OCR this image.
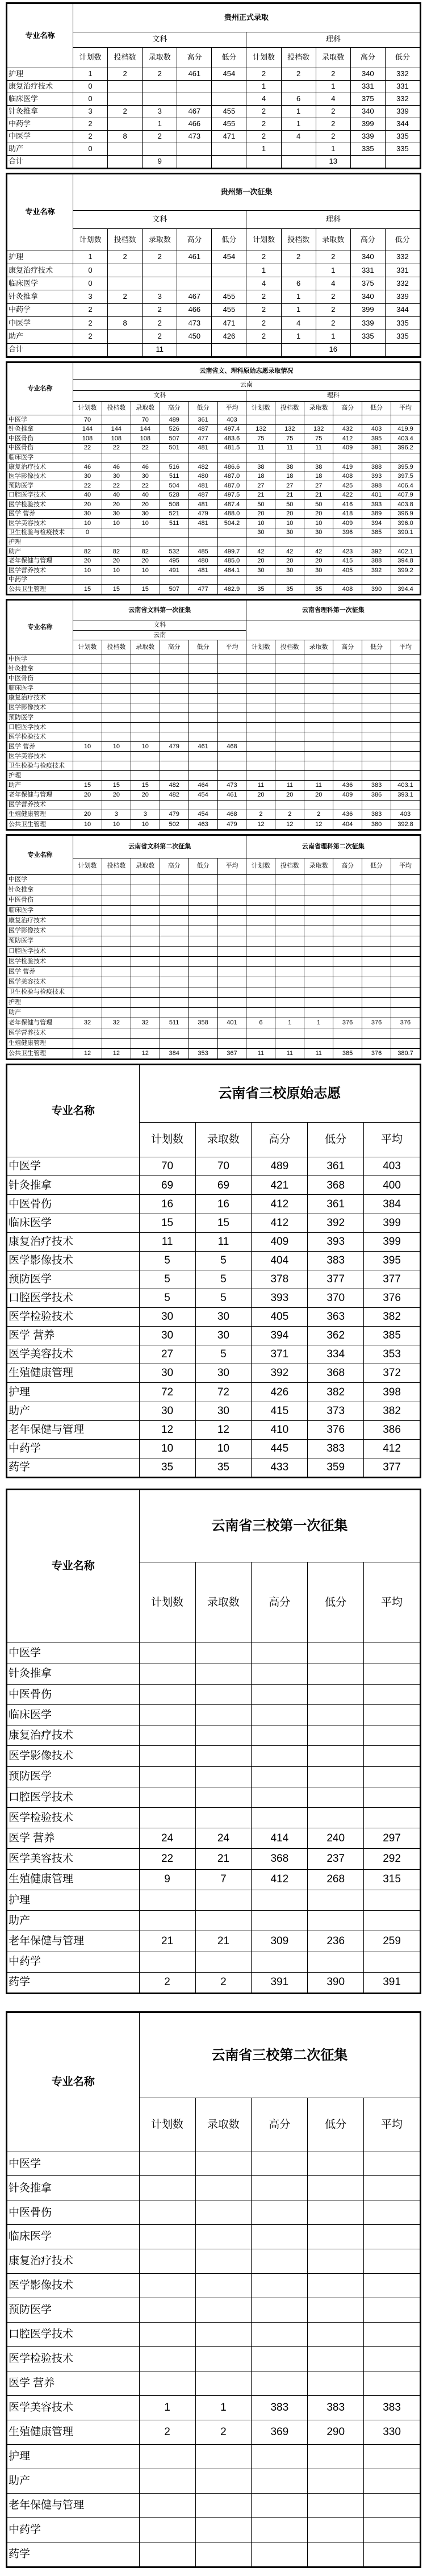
专业名称	贵州正式录取									
	文科					理科				
	计划数	投档数	录取数	高分	低分	计划数	投档数	录取数	高分	低分
护理	1	2	2	461	454	2	2	2	340	332
康复治疗技术	0					1		1	331	331
临床医学	0					4	6	4	375	332
针灸推拿	3	2	3	467	455	2	1	2	340	339
中药学	2		1	466	455	2	1	2	399	344
中医学	2	8	2	473	471	2	4	2	339	335
助产	0					1		1	335	335
合计			9					13		
专业名称	贵州第一次征集									
	文科					理科				
	计划数	投档数	录取数	高分	低分	计划数	投档数	录取数	高分	低分
护理	1	2	2	461	454	2	2	2	340	332
康复治疗技术	0					1		1	331	331
临床医学	0					4	6	4	375	332
针灸推拿	3	2	3	467	455	2	1	2	340	339
中药学	2		2	466	455	2	1	2	399	344
中医学	2	8	2	473	471	2	4	2	339	335
助产	2		2	450	426	2	1	1	335	335
合计			11					16		
专业名称	云南省文、理科原始志愿录取情况											
	云南											
	文科						理科					
	计划数	投档数	录取数	高分	低分	平均	计划数	投档数	录取数	高分	低分	平均
中医学	70		70	489	361	403						
针灸推拿	144	144	144	526	487	497.4	132	132	132	432	403	419.9
中医骨伤	108	108	108	507	477	483.6	75	75	75	412	395	403.4
中医骨伤	22	22	22	501	481	481.5	11	11	11	409	391	396.2
临床医学												
康复治疗技术	46	46	46	516	482	486.6	38	38	38	419	388	395.9
医学影像技术	30	30	30	511	480	487.0	18	18	18	408	393	397.5
预防医学	22	22	22	504	481	487.0	27	27	27	425	398	406.4
口腔医学技术	40	40	40	528	487	497.5	21	21	21	422	401	407.9
医学检验技术	20	20	20	508	481	487.4	50	50	50	416	393	403.8
医学 营养	30	30	30	521	479	488.0	20	20	20	418	389	396.9
医学美容技术	10	10	10	511	481	504.2	10	10	10	409	394	396.0
卫生检验与检疫技术	0						30	30	30	396	385	390.1
护理												
助产	82	82	82	532	485	499.7	42	42	42	423	392	402.1
老年保健与管理	20	20	20	495	480	485.0	20	20	20	415	388	394.8
医学营养技术	10	10	10	491	481	484.1	30	30	30	405	392	399.2
中药学												
公共卫生管理	15	15	15	507	477	482.9	35	35	35	408	390	394.4
专业名称	云南省文科第一次征集						云南省理科第一次征集					
	文科											
	云南											
	计划数	投档数	录取数	高分	低分	平均	计划数	投档数	录取数	高分	低分	平均
中医学												
针灸推拿												
中医骨伤												
临床医学												
康复治疗技术												
医学影像技术												
预防医学												
口腔医学技术												
医学检验技术												
医学 营养	10	10	10	479	461	468						
医学美容技术												
卫生检验与检疫技术												
护理												
助产	15	15	15	482	464	473	11	11	11	436	383	403.1
老年保健与管理	20	20	20	482	454	461	20	20	20	409	386	393.1
医学营养技术												
生殖健康管理	20	3	3	479	454	468	2	2	2	436	383	403
公共卫生管理	10	10	10	502	463	479	12	12	12	404	380	392.8
专业名称	云南省文科第二次征集						云南省理科第二次征集					
	计划数	投档数	录取数	高分	低分	平均	计划数	投档数	录取数	高分	低分	平均
中医学												
针灸推拿												
中医骨伤												
临床医学												
康复治疗技术												
医学影像技术												
预防医学												
口腔医学技术												
医学检验技术												
医学 营养												
医学美容技术												
卫生检验与检疫技术												
护理												
助产												
老年保健与管理	32	32	32	511	358	401	6	1	1	376	376	376
医学营养技术												
生殖健康管理												
公共卫生管理	12	12	12	384	353	367	11	11	11	385	376	380.7
专业名称	云南省三校原始志愿				
	计划数	录取数	高分	低分	平均
中医学	70	70	489	361	403
针灸推拿	69	69	421	368	400
中医骨伤	16	16	412	361	384
临床医学	15	15	412	392	399
康复治疗技术	11	11	409	393	399
医学影像技术	5	5	404	383	395
预防医学	5	5	378	377	377
口腔医学技术	5	5	393	370	376
医学检验技术	30	30	405	363	382
医学 营养	30	30	394	362	385
医学美容技术	27	5	371	334	353
生殖健康管理	30	30	392	368	372
护理	72	72	426	382	398
助产	30	30	415	373	382
老年保健与管理	12	12	410	376	386
中药学	10	10	445	383	412
药学	35	35	433	359	377
专业名称	云南省三校第一次征集				
	计划数	录取数	高分	低分	平均
中医学					
针灸推拿					
中医骨伤					
临床医学					
康复治疗技术					
医学影像技术					
预防医学					
口腔医学技术					
医学检验技术					
医学 营养	24	24	414	240	297
医学美容技术	22	21	368	237	292
生殖健康管理	9	7	412	268	315
护理					
助产					
老年保健与管理	21	21	309	236	259
中药学					
药学	2	2	391	390	391
专业名称	云南省三校第二次征集				
	计划数	录取数	高分	低分	平均
中医学					
针灸推拿					
中医骨伤					
临床医学					
康复治疗技术					
医学影像技术					
预防医学					
口腔医学技术					
医学检验技术					
医学 营养					
医学美容技术	1	1	383	383	383
生殖健康管理	2	2	369	290	330
护理					
助产					
老年保健与管理					
中药学					
药学					
